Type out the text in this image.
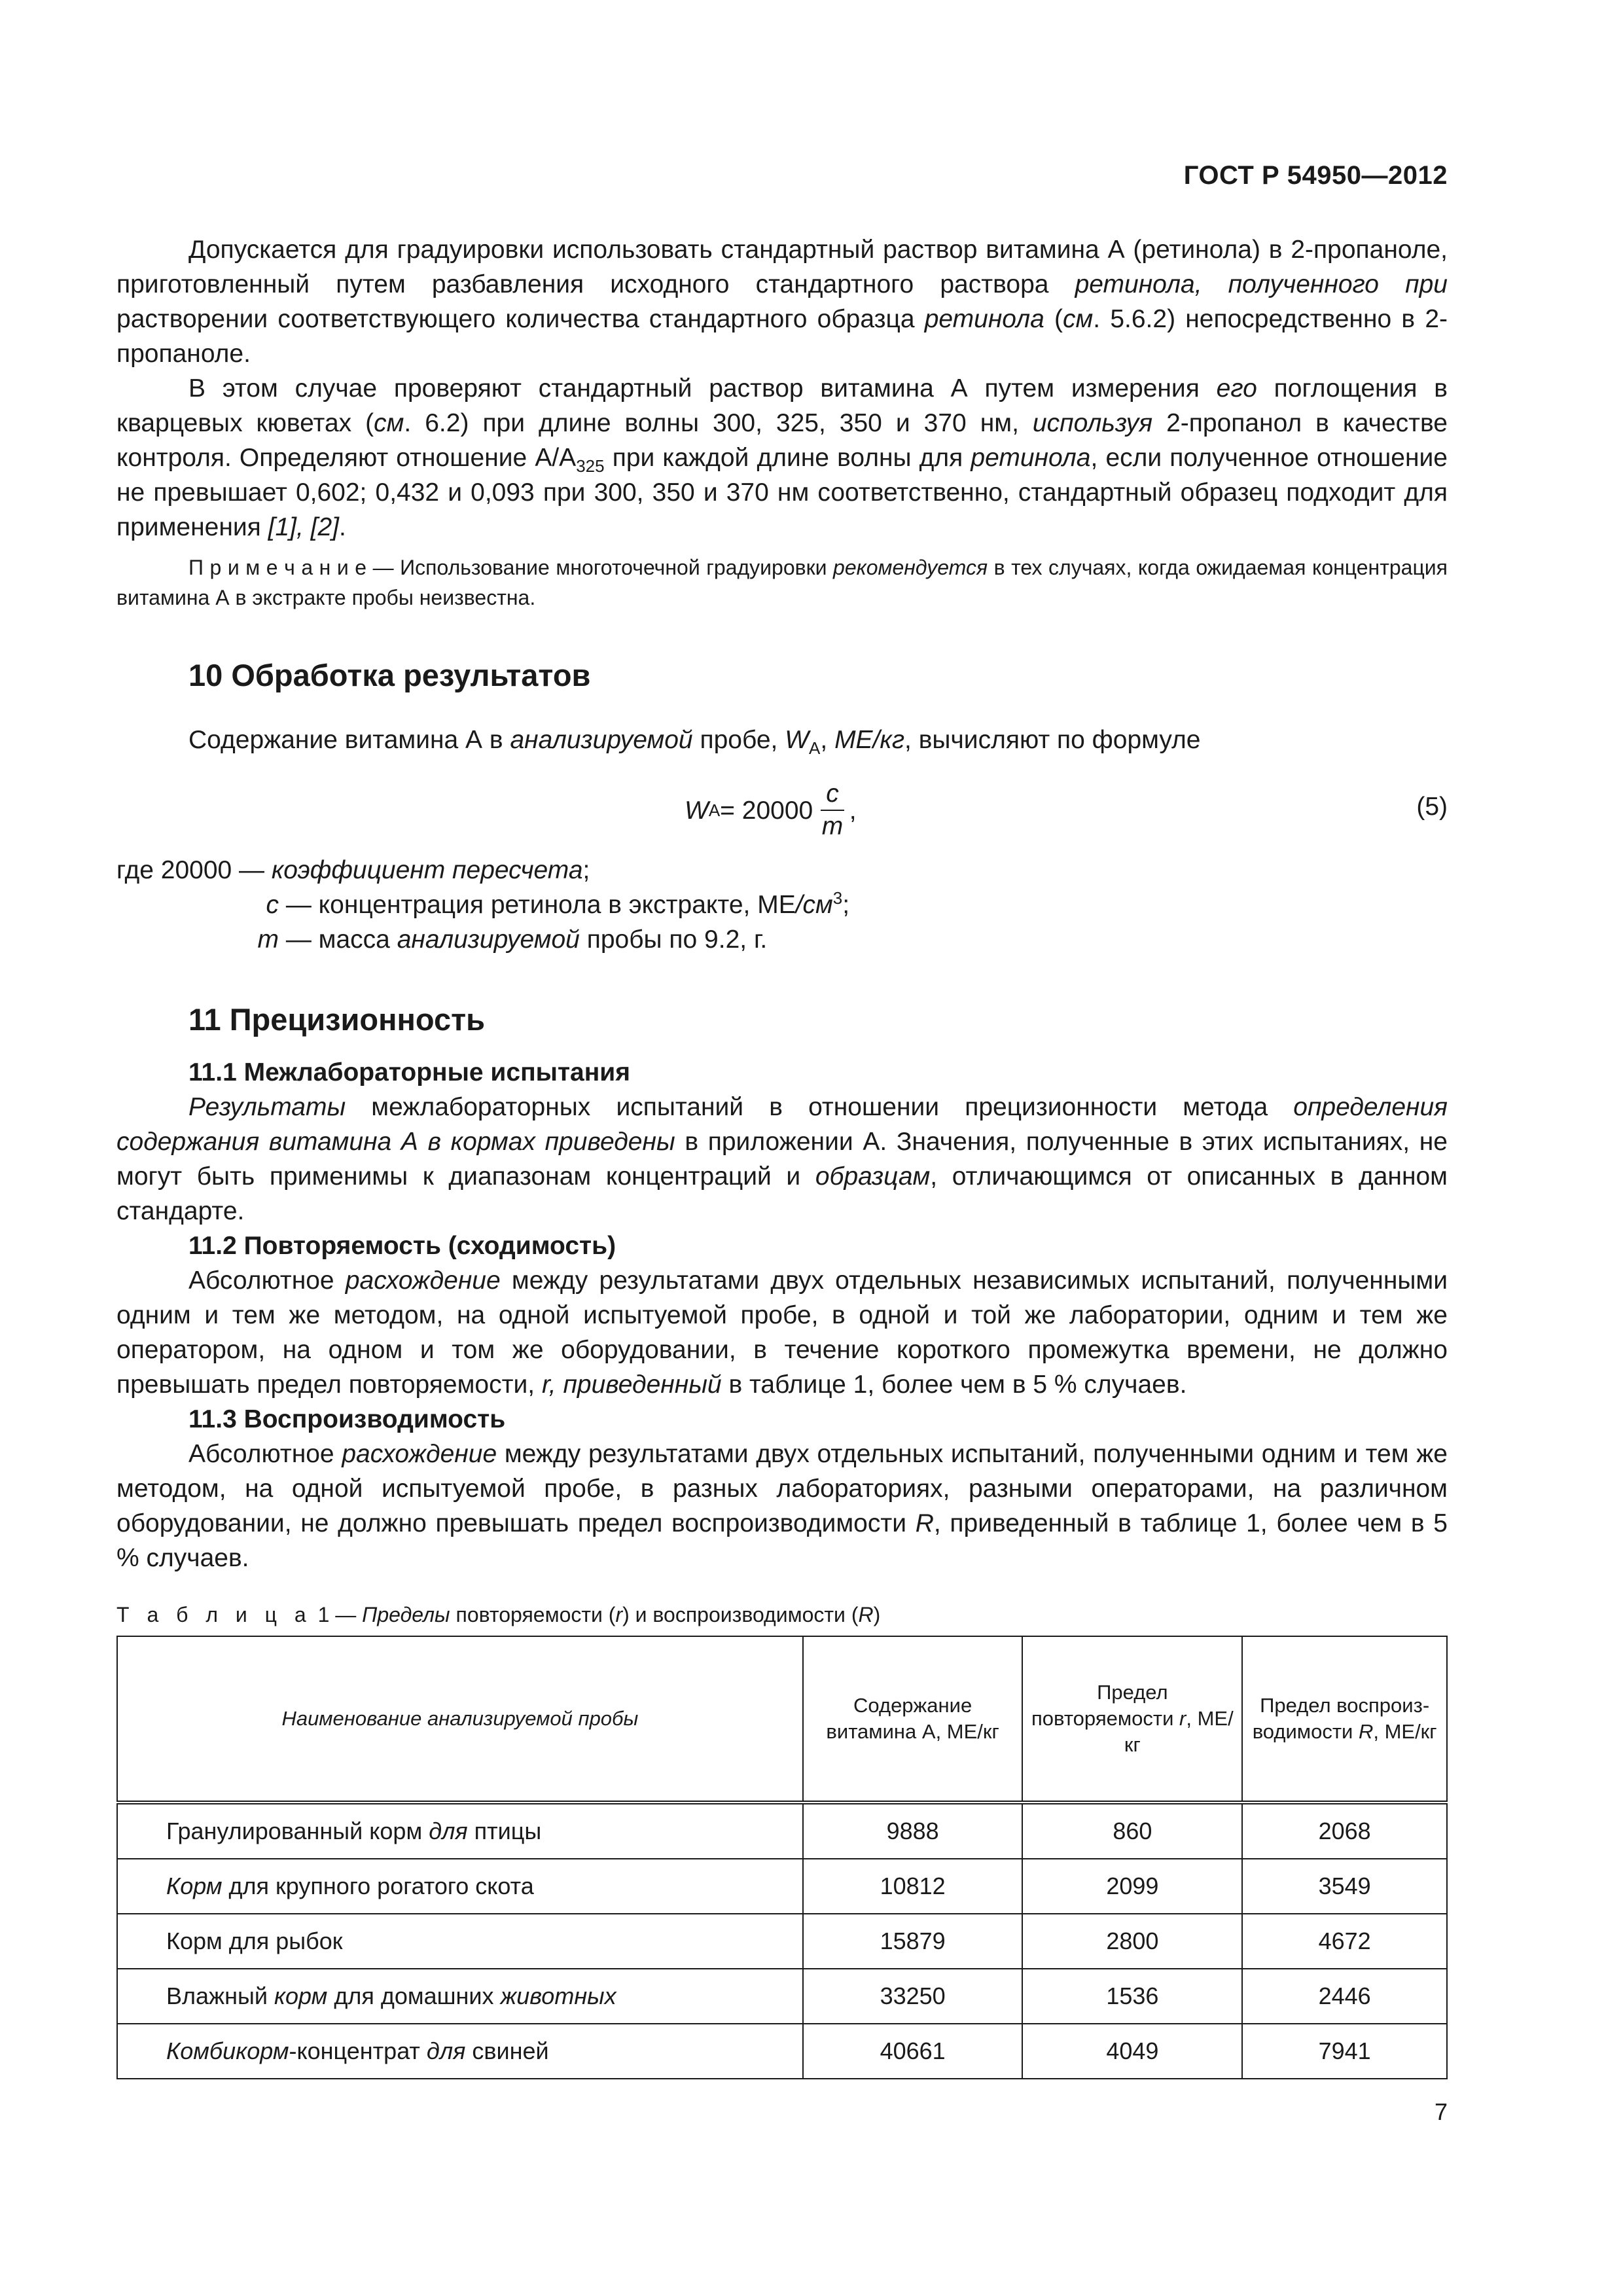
ГОСТ Р 54950—2012

Допускается для градуировки использовать стандартный раствор витамина А (ретинола) в 2-пропаноле, приготовленный путем разбавления исходного стандартного раствора ретинола, полученного при растворении соответствующего количества стандартного образца ретинола (см. 5.6.2) непосредственно в 2-пропаноле.

В этом случае проверяют стандартный раствор витамина А путем измерения его поглощения в кварцевых кюветах (см. 6.2) при длине волны 300, 325, 350 и 370 нм, используя 2-пропанол в качестве контроля. Определяют отношение $А/А_{325}$ при каждой длине волны для ретинола, если полученное отношение не превышает 0,602; 0,432 и 0,093 при 300, 350 и 370 нм соответственно, стандартный образец подходит для применения [1], [2].

П р и м е ч а н и е — Использование многоточечной градуировки рекомендуется в тех случаях, когда ожидаемая концентрация витамина А в экстракте пробы неизвестна.
10 Обработка результатов

Содержание витамина А в анализируемой пробе, $W_A$, МЕ/кг, вычисляют по формуле

W $A = 20000 \frac{c}{m}$ ,	(5)
где 20000 — коэффициент пересчета;
c — концентрация ретинола в экстракте, $МЕ/см^3$;
m — масса анализируемой пробы по 9.2, г.
11 Прецизионность
11.1 Межлабораторные испытания

Результаты межлабораторных испытаний в отношении прецизионности метода определения содержания витамина А в кормах приведены в приложении А. Значения, полученные в этих испытаниях, не могут быть применимы к диапазонам концентраций и образцам, отличающимся от описанных в данном стандарте.

11.2 Повторяемость (сходимость)

Абсолютное расхождение между результатами двух отдельных независимых испытаний, полученными одним и тем же методом, на одной испытуемой пробе, в одной и той же лаборатории, одним и тем же оператором, на одном и том же оборудовании, в течение короткого промежутка времени, не должно превышать предел повторяемости, r, приведенный в таблице 1, более чем в 5 % случаев.

11.3 Воспроизводимость

Абсолютное расхождение между результатами двух отдельных испытаний, полученными одним и тем же методом, на одной испытуемой пробе, в разных лабораториях, разными операторами, на различном оборудовании, не должно превышать предел воспроизводимости R, приведенный в таблице 1, более чем в 5 % случаев.

Т а б л и ц а 1 — Пределы повторяемости (r) и воспроизводимости (R)
Наименование анализируемой пробы	Содержание витамина А, МЕ/кг	Предел повторяемости r, МЕ/кг	Предел воспроиз-водимости R, МЕ/кг
Гранулированный корм для птицы	9888	860	2068
Корм для крупного рогатого скота	10812	2099	3549
Корм для рыбок	15879	2800	4672
Влажный корм для домашних животных	33250	1536	2446
Комбикорм-концентрат для свиней	40661	4049	7941
7
